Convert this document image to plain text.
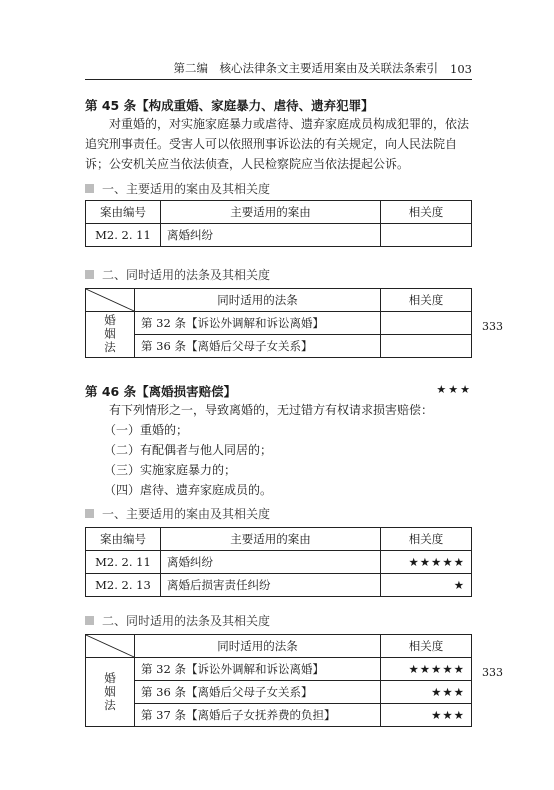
第二编　核心法律条文主要适用案由及关联法条索引 103
第 45 条【构成重婚、家庭暴力、虐待、遗弃犯罪】
对重婚的，对实施家庭暴力或虐待、遗弃家庭成员构成犯罪的，依法追究刑事责任。受害人可以依照刑事诉讼法的有关规定，向人民法院自诉；公安机关应当依法侦查，人民检察院应当依法提起公诉。
一、主要适用的案由及其相关度
案由编号	主要适用的案由	相关度
M2. 2. 11	离婚纠纷	
二、同时适用的法条及其相关度
	同时适用的法条	相关度
婚姻法	第 32 条【诉讼外调解和诉讼离婚】	
	第 36 条【离婚后父母子女关系】	
333
第 46 条【离婚损害赔偿】	★★★
有下列情形之一，导致离婚的，无过错方有权请求损害赔偿：
（一）重婚的；
（二）有配偶者与他人同居的；
（三）实施家庭暴力的；
（四）虐待、遗弃家庭成员的。
一、主要适用的案由及其相关度
案由编号	主要适用的案由	相关度
M2. 2. 11	离婚纠纷	★★★★★
M2. 2. 13	离婚后损害责任纠纷	★
二、同时适用的法条及其相关度
	同时适用的法条	相关度
婚姻法	第 32 条【诉讼外调解和诉讼离婚】	★★★★★
	第 36 条【离婚后父母子女关系】	★★★
	第 37 条【离婚后子女抚养费的负担】	★★★
333
